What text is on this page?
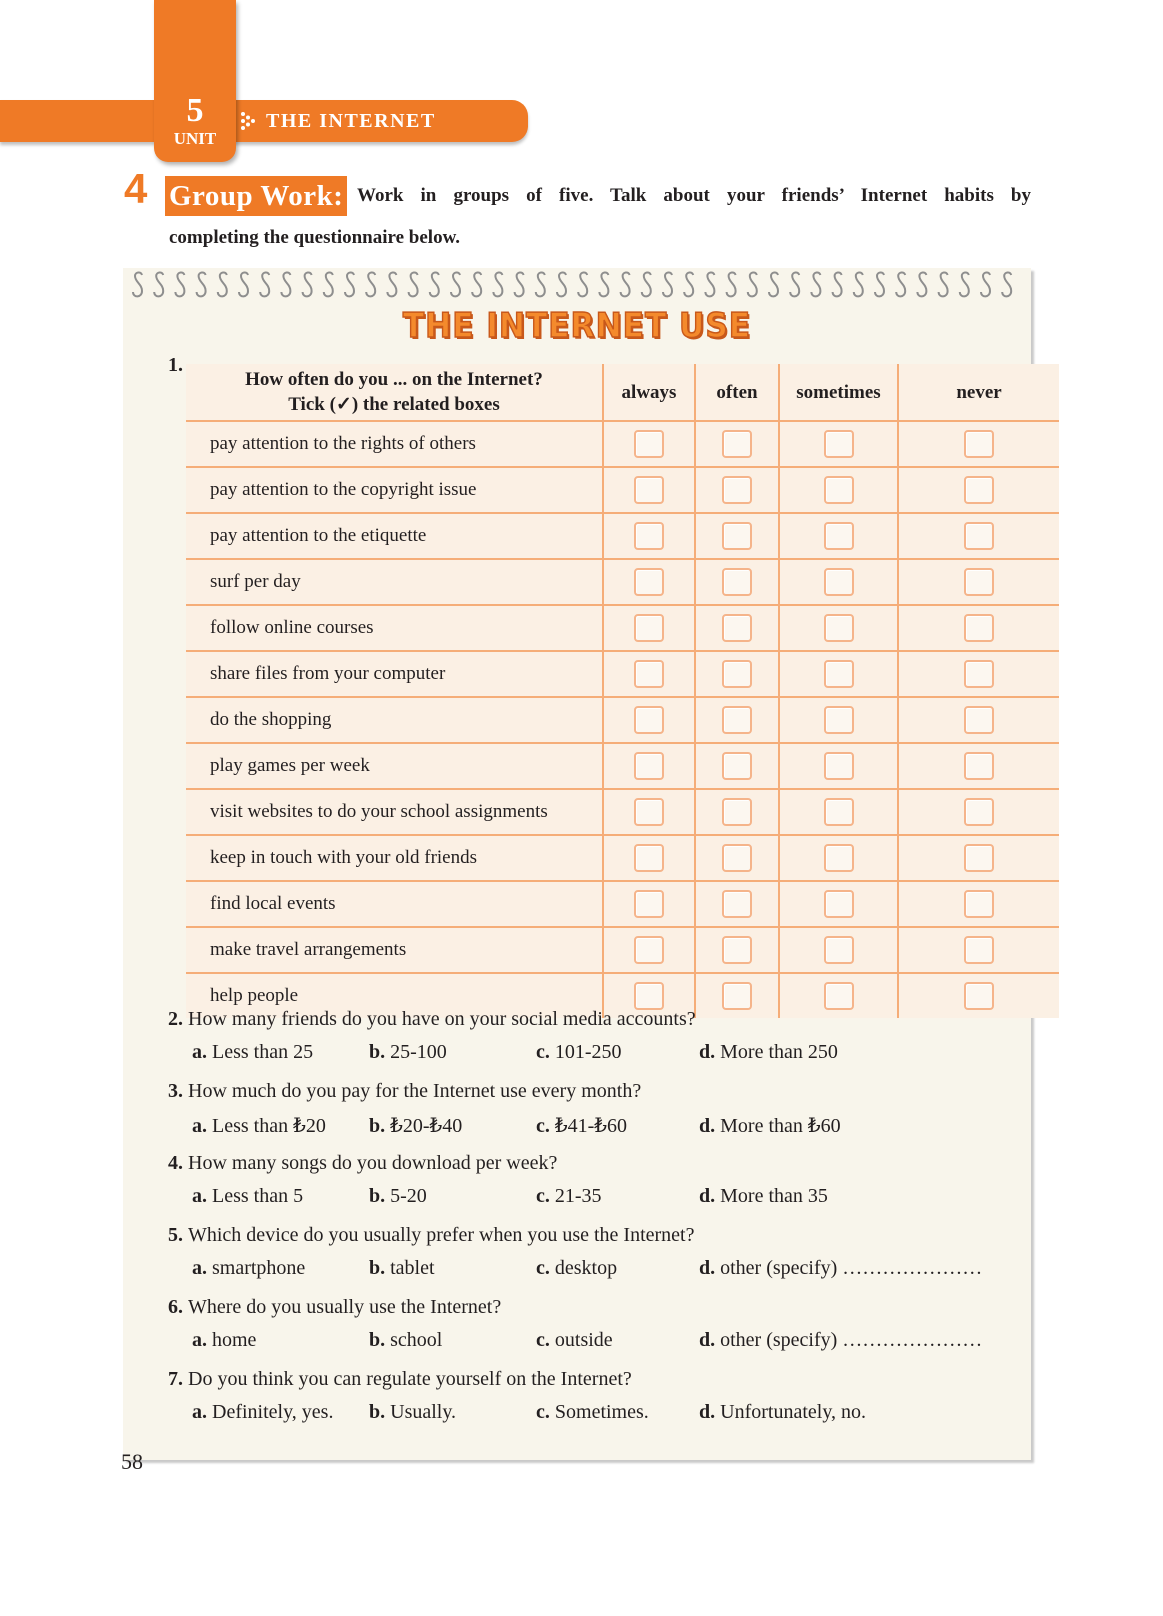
5
UNIT
THE INTERNET
4 Group Work: Work in groups of five. Talk about your friends’ Internet habits by
completing the questionnaire below.
THE INTERNET USE
1.
How often do you ... on the Internet?
Tick (✓) the related boxes	always	often	sometimes	never
pay attention to the rights of others				
pay attention to the copyright issue				
pay attention to the etiquette				
surf per day				
follow online courses				
share files from your computer				
do the shopping				
play games per week				
visit websites to do your school assignments				
keep in touch with your old friends				
find local events				
make travel arrangements				
help people				
2. How many friends do you have on your social media accounts?
a. Less than 25	b. 25-100	c. 101-250	d. More than 250
3. How much do you pay for the Internet use every month?
a. Less than ₺20 b. ₺20-₺40	c. ₺41-₺60	d. More than ₺60
4. How many songs do you download per week?
a. Less than 5	b. 5-20	c. 21-35	d. More than 35
5. Which device do you usually prefer when you use the Internet?
a. smartphone	b. tablet	c. desktop	d. other (specify) …………………
6. Where do you usually use the Internet?
a. home	b. school	c. outside	d. other (specify) …………………
7. Do you think you can regulate yourself on the Internet?
a. Definitely, yes. b. Usually.	c. Sometimes.	d. Unfortunately, no.
58
